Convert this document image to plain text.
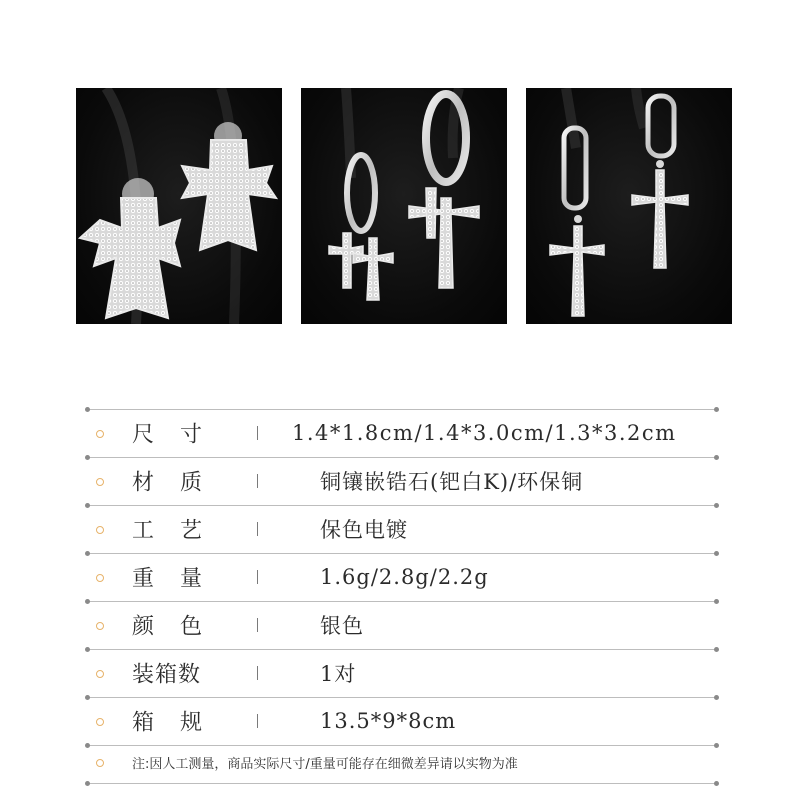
尺寸	1.4*1.8cm/1.4*3.0cm/1.3*3.2cm
材质	铜镶嵌锆石(钯白K)/环保铜
工艺	保色电镀
重量	1.6g/2.8g/2.2g
颜色	银色
装箱数	1对
箱规	13.5*9*8cm
注:因人工测量，商品实际尺寸/重量可能存在细微差异请以实物为准
